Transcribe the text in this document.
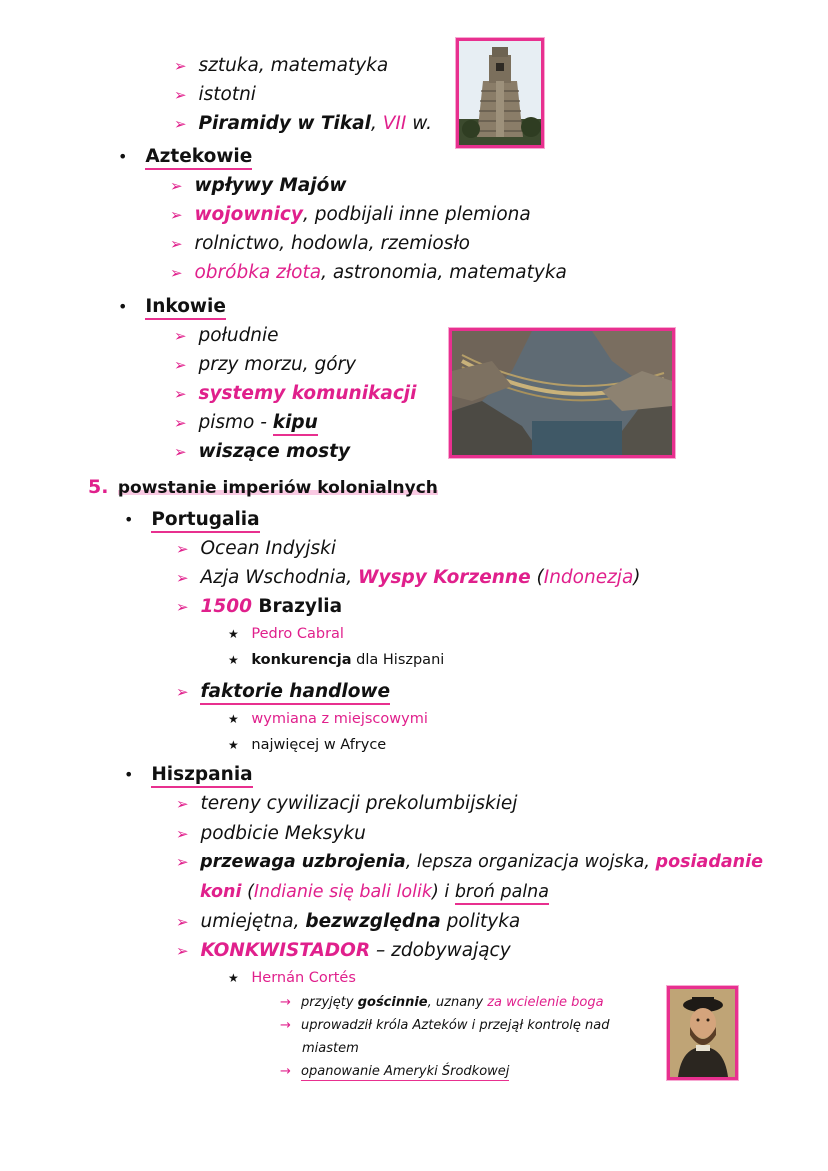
➢ sztuka, matematyka
➢ istotni
➢ Piramidy w Tikal, VII w.
• Aztekowie
➢ wpływy Majów
➢ wojownicy, podbijali inne plemiona
➢ rolnictwo, hodowla, rzemiosło
➢ obróbka złota, astronomia, matematyka
• Inkowie
➢ południe
➢ przy morzu, góry
➢ systemy komunikacji
➢ pismo - kipu
➢ wiszące mosty
5. powstanie imperiów kolonialnych
• Portugalia
➢ Ocean Indyjski
➢ Azja Wschodnia, Wyspy Korzenne (Indonezja)
➢ 1500 Brazylia
★ Pedro Cabral
★ konkurencja dla Hiszpani
➢ faktorie handlowe
★ wymiana z miejscowymi
★ najwięcej w Afryce
• Hiszpania
➢ tereny cywilizacji prekolumbijskiej
➢ podbicie Meksyku
➢ przewaga uzbrojenia, lepsza organizacja wojska, posiadanie
koni (Indianie się bali lolik) i broń palna
➢ umiejętna, bezwzględna polityka
➢ KONKWISTADOR – zdobywający
★ Hernán Cortés
→ przyjęty gościnnie, uznany za wcielenie boga
→ uprowadził króla Azteków i przejął kontrolę nad
miastem
→ opanowanie Ameryki Środkowej
